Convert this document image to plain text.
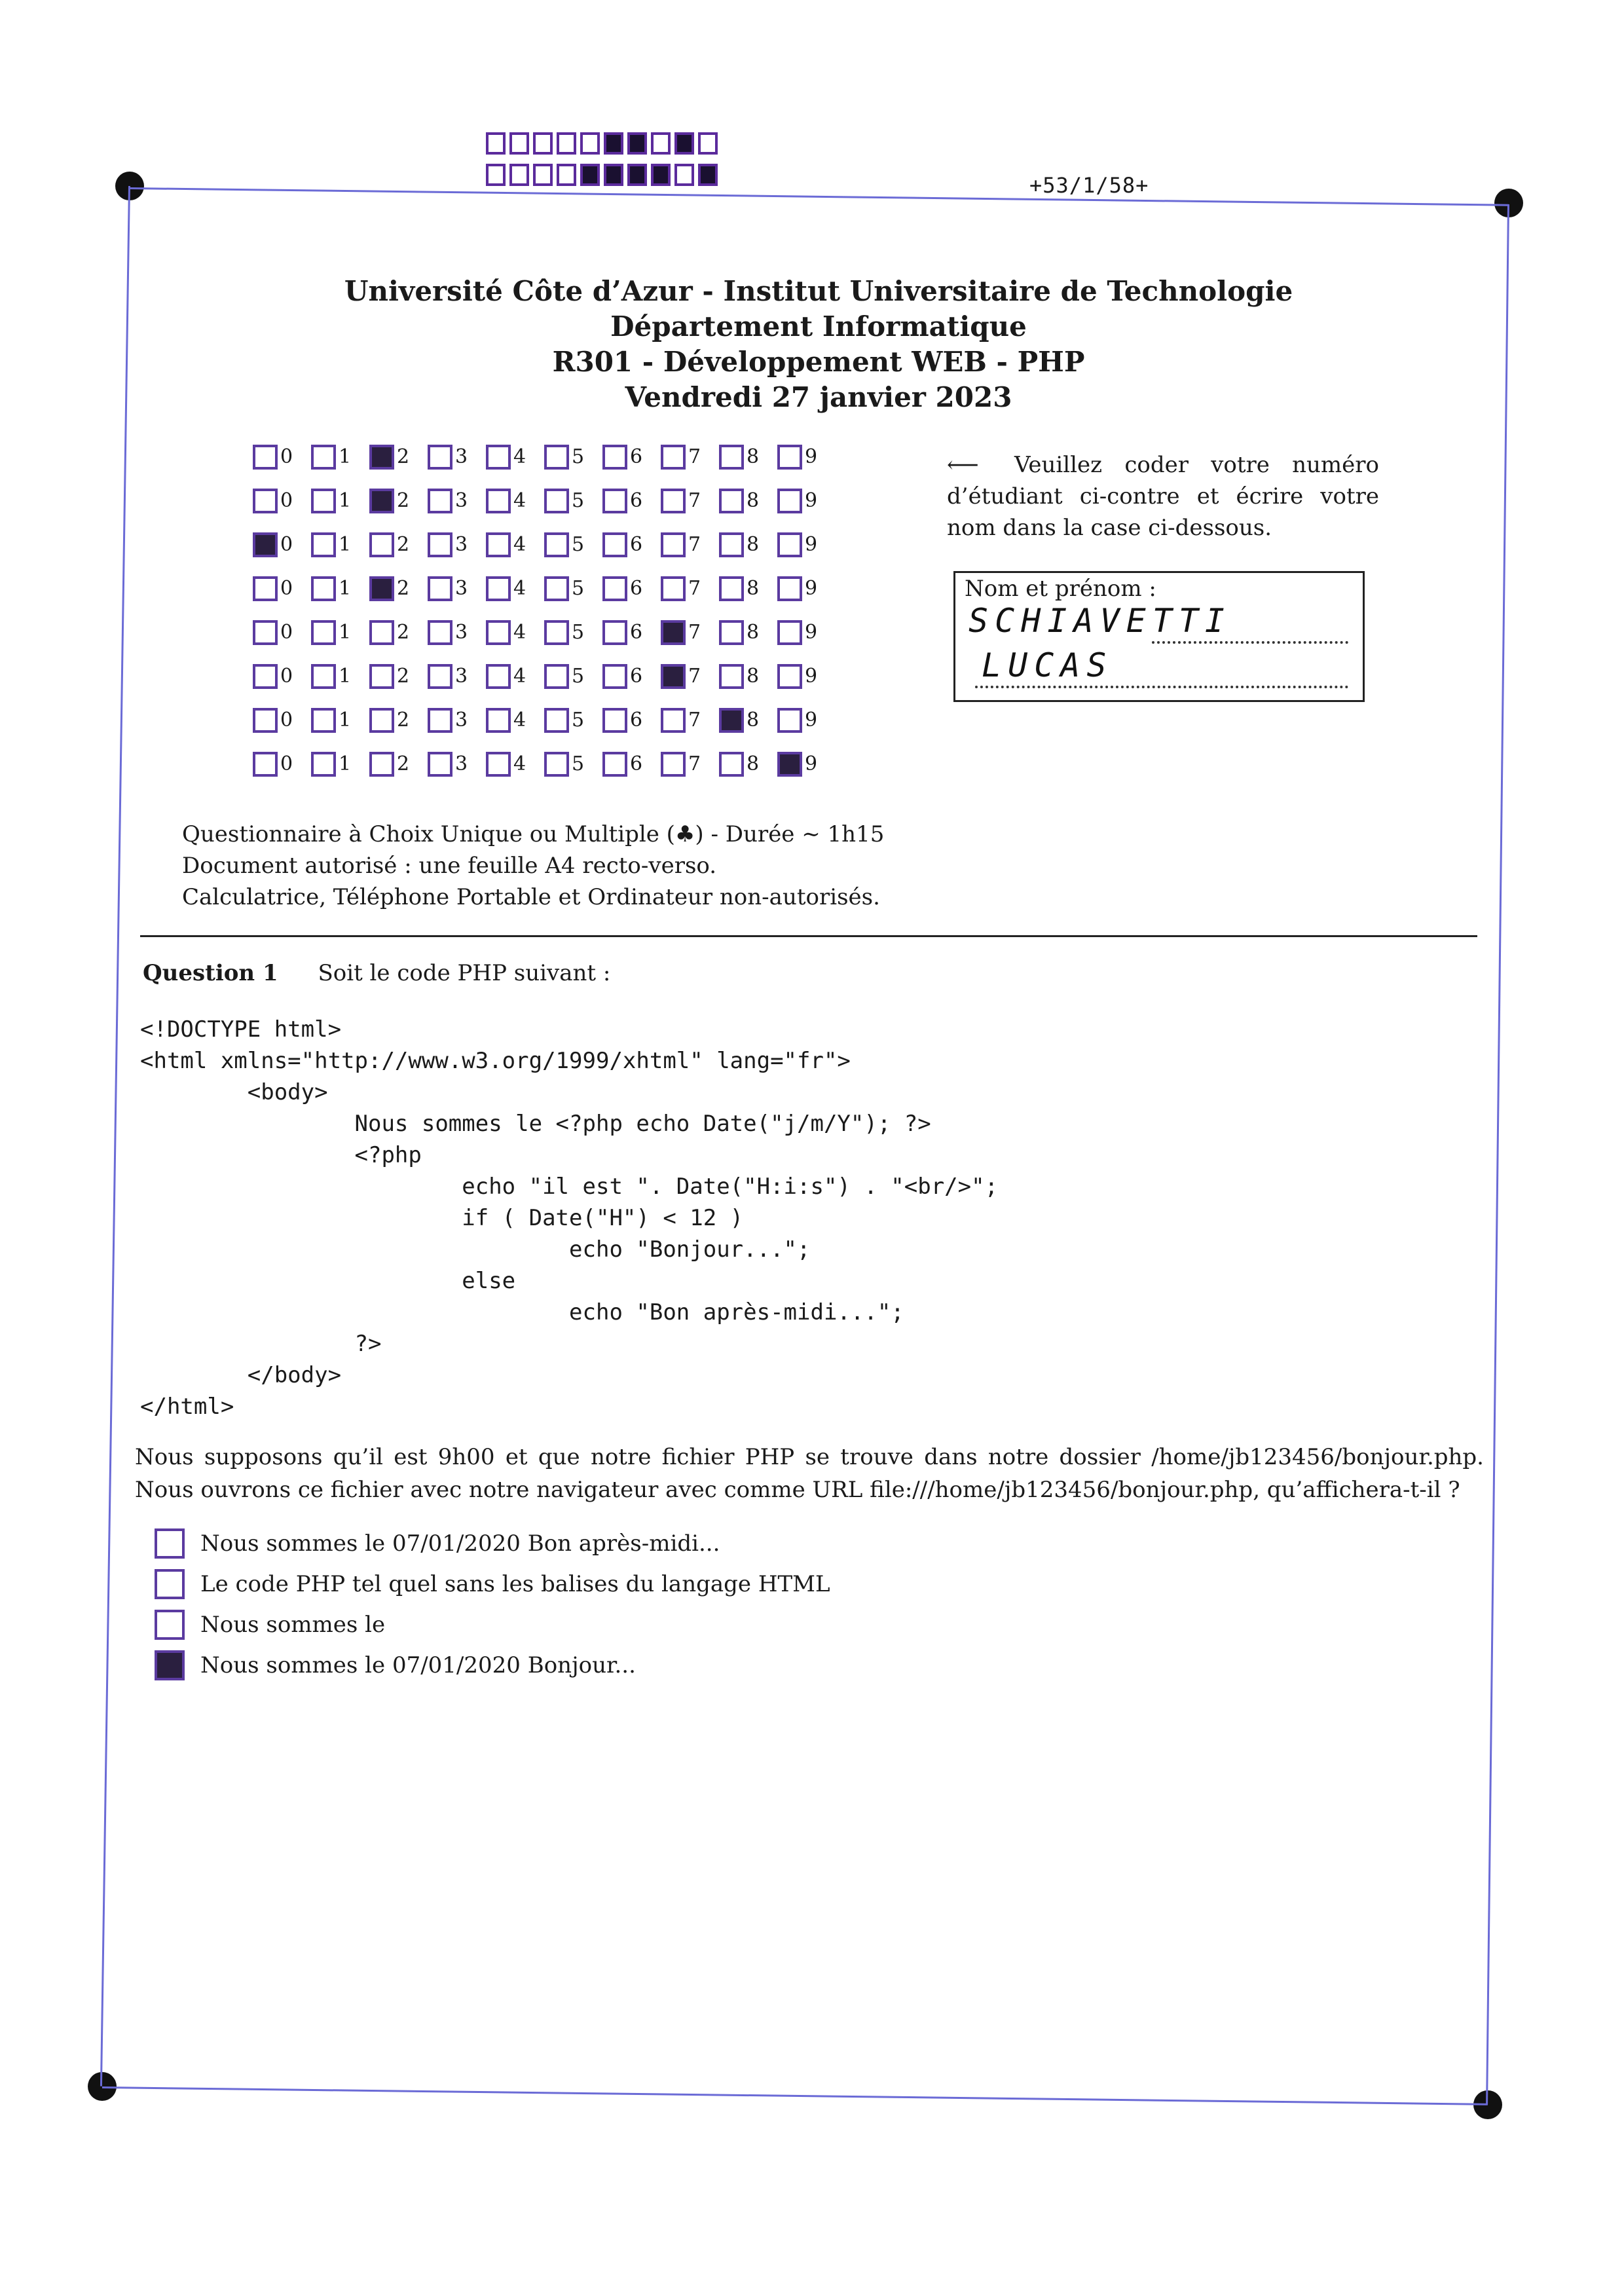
+53/1/58+
Université Côte d’Azur - Institut Universitaire de Technologie
Département Informatique
R301 - Développement WEB - PHP
Vendredi 27 janvier 2023
0 1 2 3 4 5 6 7 8 9
0 1 2 3 4 5 6 7 8 9
0 1 2 3 4 5 6 7 8 9
0 1 2 3 4 5 6 7 8 9
0 1 2 3 4 5 6 7 8 9
0 1 2 3 4 5 6 7 8 9
0 1 2 3 4 5 6 7 8 9
0 1 2 3 4 5 6 7 8 9
⟵ Veuillez coder votre numéro d’étudiant ci-contre et écrire votre nom dans la case ci-dessous.
Nom et prénom :
SCHIAVETTI
LUCAS
Questionnaire à Choix Unique ou Multiple (♣) - Durée ∼ 1h15
Document autorisé : une feuille A4 recto-verso.
Calculatrice, Téléphone Portable et Ordinateur non-autorisés.
Question 1 Soit le code PHP suivant :
<!DOCTYPE html>
<html xmlns="http://www.w3.org/1999/xhtml" lang="fr">
<body>
Nous sommes le <?php echo Date("j/m/Y"); ?>
<?php
echo "il est ". Date("H:i:s") . "<br/>";
if ( Date("H") < 12 )
echo "Bonjour...";
else
echo "Bon après-midi...";
?>
</body>
</html>
Nous supposons qu’il est 9h00 et que notre fichier PHP se trouve dans notre dossier /home/jb123456/bonjour.php. Nous ouvrons ce fichier avec notre navigateur avec comme URL file:///home/jb123456/bonjour.php, qu’affichera-t-il ?
Nous sommes le 07/01/2020 Bon après-midi...
Le code PHP tel quel sans les balises du langage HTML
Nous sommes le
Nous sommes le 07/01/2020 Bonjour...
